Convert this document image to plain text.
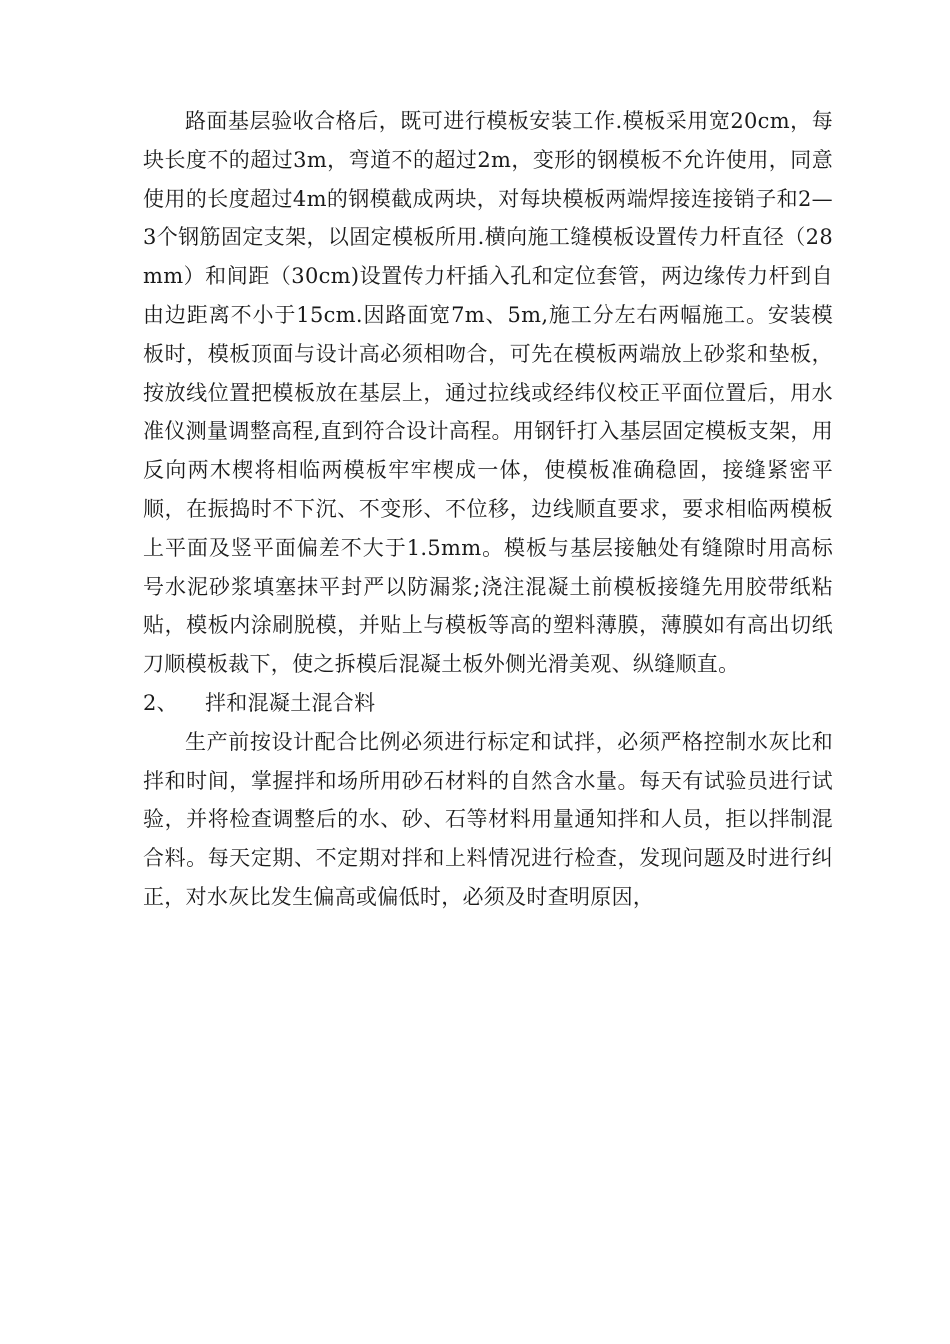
路面基层验收合格后，既可进行模板安装工作.模板采用宽20cm，每块长度不的超过3m，弯道不的超过2m，变形的钢模板不允许使用，同意使用的长度超过4m的钢模截成两块，对每块模板两端焊接连接销子和2—3个钢筋固定支架，以固定模板所用.横向施工缝模板设置传力杆直径（28mm）和间距（30cm)设置传力杆插入孔和定位套管，两边缘传力杆到自由边距离不小于15cm.因路面宽7m、5m,施工分左右两幅施工。安装模板时，模板顶面与设计高必须相吻合，可先在模板两端放上砂浆和垫板，按放线位置把模板放在基层上，通过拉线或经纬仪校正平面位置后，用水准仪测量调整高程,直到符合设计高程。用钢钎打入基层固定模板支架，用反向两木楔将相临两模板牢牢楔成一体，使模板准确稳固，接缝紧密平顺，在振捣时不下沉、不变形、不位移，边线顺直要求，要求相临两模板上平面及竖平面偏差不大于1.5mm。模板与基层接触处有缝隙时用高标号水泥砂浆填塞抹平封严以防漏浆;浇注混凝土前模板接缝先用胶带纸粘贴，模板内涂刷脱模，并贴上与模板等高的塑料薄膜，薄膜如有高出切纸刀顺模板裁下，使之拆模后混凝土板外侧光滑美观、纵缝顺直。

2、 拌和混凝土混合料

生产前按设计配合比例必须进行标定和试拌，必须严格控制水灰比和拌和时间，掌握拌和场所用砂石材料的自然含水量。每天有试验员进行试验，并将检查调整后的水、砂、石等材料用量通知拌和人员，拒以拌制混合料。每天定期、不定期对拌和上料情况进行检查，发现问题及时进行纠正，对水灰比发生偏高或偏低时，必须及时查明原因，
